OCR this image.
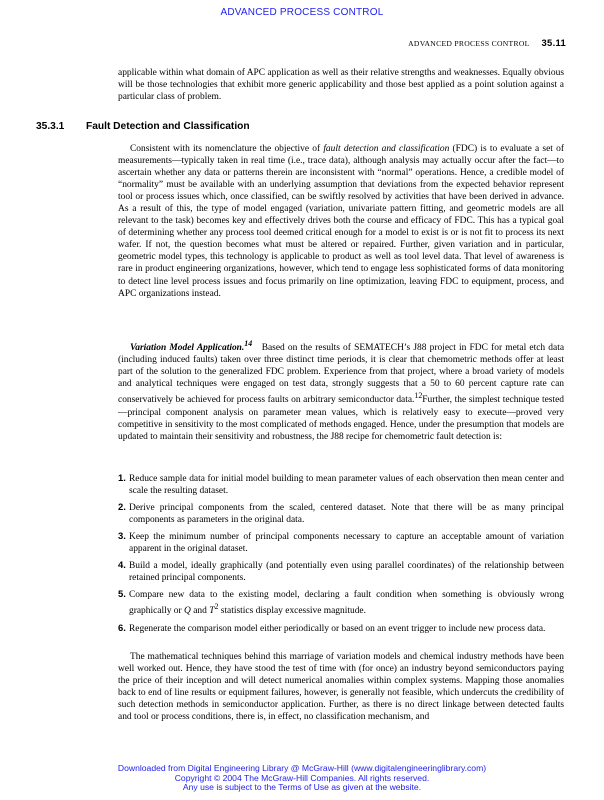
ADVANCED PROCESS CONTROL
ADVANCED PROCESS CONTROL 35.11

applicable within what domain of APC application as well as their relative strengths and weaknesses. Equally obvious will be those technologies that exhibit more generic applicability and those best applied as a point solution against a particular class of problem.

35.3.1 Fault Detection and Classification

Consistent with its nomenclature the objective of fault detection and classification (FDC) is to evaluate a set of measurements—typically taken in real time (i.e., trace data), although analysis may actually occur after the fact—to ascertain whether any data or patterns therein are inconsistent with “normal” operations. Hence, a credible model of “normality” must be available with an underlying assumption that deviations from the expected behavior represent tool or process issues which, once classified, can be swiftly resolved by activities that have been derived in advance. As a result of this, the type of model engaged (variation, univariate pattern fitting, and geometric models are all relevant to the task) becomes key and effectively drives both the course and efficacy of FDC. This has a typical goal of determining whether any process tool deemed critical enough for a model to exist is or is not fit to process its next wafer. If not, the question becomes what must be altered or repaired. Further, given variation and in particular, geometric model types, this technology is applicable to product as well as tool level data. That level of awareness is rare in product engineering organizations, however, which tend to engage less sophisticated forms of data monitoring to detect line level process issues and focus primarily on line optimization, leaving FDC to equipment, process, and APC organizations instead.

Variation Model Application.$^{14}$ Based on the results of SEMATECH’s J88 project in FDC for metal etch data (including induced faults) taken over three distinct time periods, it is clear that chemometric methods offer at least part of the solution to the generalized FDC problem. Experience from that project, where a broad variety of models and analytical techniques were engaged on test data, strongly suggests that a 50 to 60 percent capture rate can conservatively be achieved for process faults on arbitrary semiconductor data.$^{12}$Further, the simplest technique tested—principal component analysis on parameter mean values, which is relatively easy to execute—proved very competitive in sensitivity to the most complicated of methods engaged. Hence, under the presumption that models are updated to maintain their sensitivity and robustness, the J88 recipe for chemometric fault detection is:

1. Reduce sample data for initial model building to mean parameter values of each observation then mean center and scale the resulting dataset.
2. Derive principal components from the scaled, centered dataset. Note that there will be as many principal components as parameters in the original data.
3. Keep the minimum number of principal components necessary to capture an acceptable amount of variation apparent in the original dataset.
4. Build a model, ideally graphically (and potentially even using parallel coordinates) of the relationship between retained principal components.
5. Compare new data to the existing model, declaring a fault condition when something is obviously wrong graphically or Q and $T^2$ statistics display excessive magnitude.
6. Regenerate the comparison model either periodically or based on an event trigger to include new process data.

The mathematical techniques behind this marriage of variation models and chemical industry methods have been well worked out. Hence, they have stood the test of time with (for once) an industry beyond semiconductors paying the price of their inception and will detect numerical anomalies within complex systems. Mapping those anomalies back to end of line results or equipment failures, however, is generally not feasible, which undercuts the credibility of such detection methods in semiconductor application. Further, as there is no direct linkage between detected faults and tool or process conditions, there is, in effect, no classification mechanism, and

Downloaded from Digital Engineering Library @ McGraw-Hill (www.digitalengineeringlibrary.com)
Copyright © 2004 The McGraw-Hill Companies. All rights reserved.
Any use is subject to the Terms of Use as given at the website.
